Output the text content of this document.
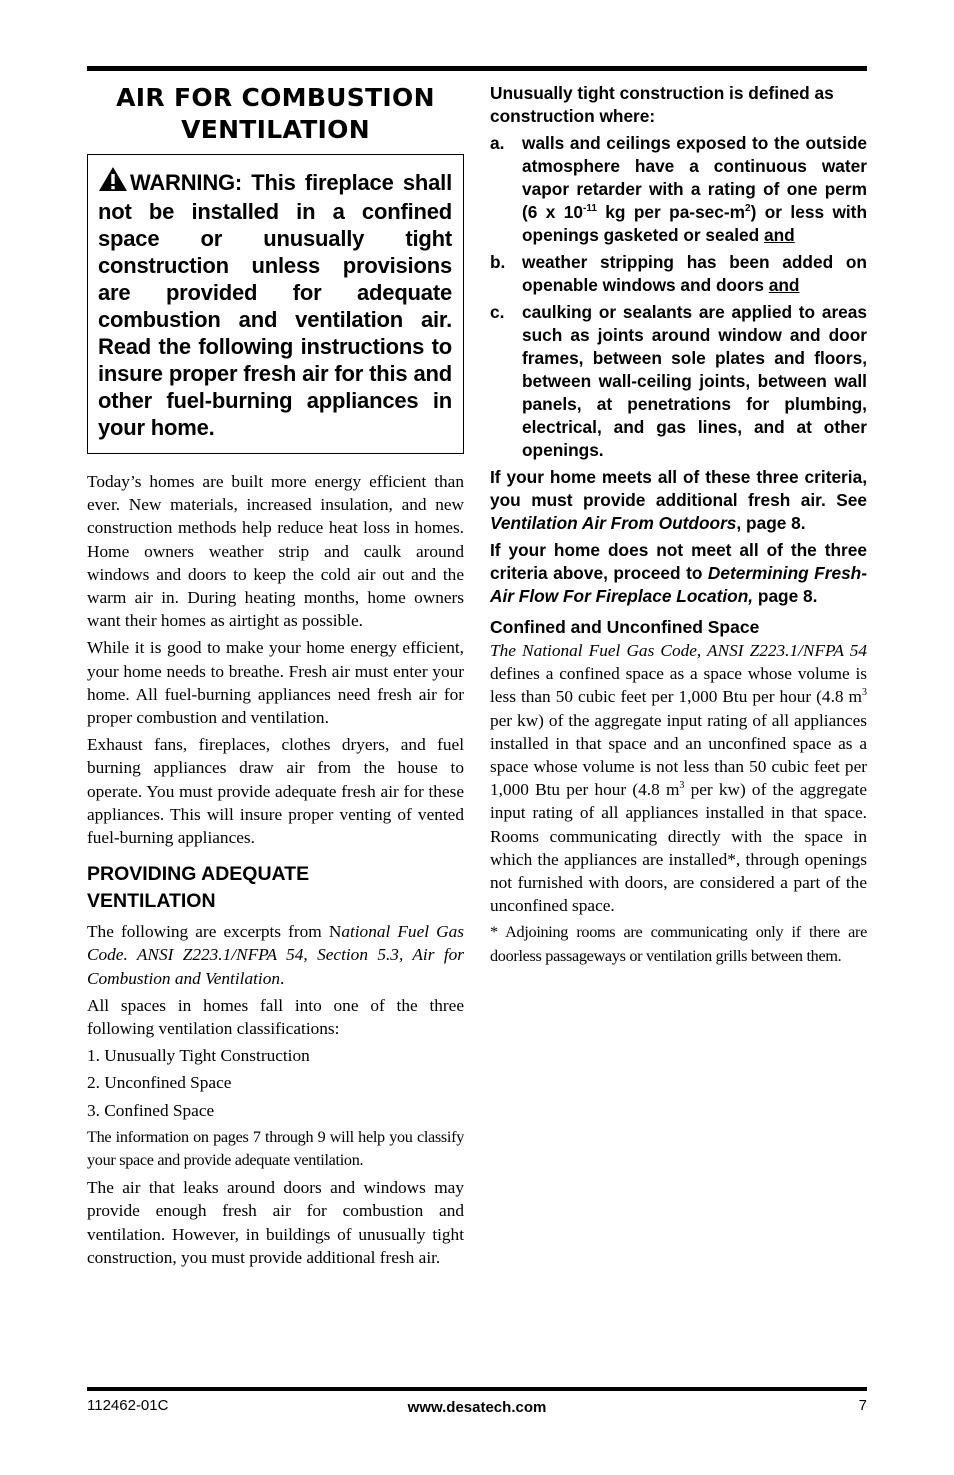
AIR FOR COMBUSTION
VENTILATION

WARNING: This fireplace shall not be installed in a confined space or unusually tight construction unless provisions are provided for adequate combustion and ventilation air. Read the following instructions to insure proper fresh air for this and other fuel-burning appliances in your home.

Today’s homes are built more energy efficient than ever. New materials, increased insulation, and new construction methods help reduce heat loss in homes. Home owners weather strip and caulk around windows and doors to keep the cold air out and the warm air in. During heating months, home owners want their homes as airtight as possible.

While it is good to make your home energy efficient, your home needs to breathe. Fresh air must enter your home. All fuel-burning appliances need fresh air for proper combustion and ventilation.

Exhaust fans, fireplaces, clothes dryers, and fuel burning appliances draw air from the house to operate. You must provide adequate fresh air for these appliances. This will insure proper venting of vented fuel-burning appliances.

PROVIDING ADEQUATE
VENTILATION

The following are excerpts from National Fuel Gas Code. ANSI Z223.1/NFPA 54, Section 5.3, Air for Combustion and Ventilation.

All spaces in homes fall into one of the three following ventilation classifications:

1. Unusually Tight Construction

2. Unconfined Space

3. Confined Space

The information on pages 7 through 9 will help you classify your space and provide adequate ventilation.

The air that leaks around doors and windows may provide enough fresh air for combustion and ventilation. However, in buildings of unusually tight construction, you must provide additional fresh air.

Unusually tight construction is defined as construction where:

a.	walls and ceilings exposed to the outside atmosphere have a continuous water vapor retarder with a rating of one perm (6 x $10^{-11}$ kg per $pa-\sec-m^2$) or less with openings gasketed or sealed and
b. weather stripping has been added on openable windows and doors and
c.	caulking or sealants are applied to areas such as joints around window and door frames, between sole plates and floors, between wall-ceiling joints, between wall panels, at penetrations for plumbing, electrical, and gas lines, and at other openings.

If your home meets all of these three criteria, you must provide additional fresh air. See Ventilation Air From Outdoors, page 8.

If your home does not meet all of the three criteria above, proceed to Determining Fresh-Air Flow For Fireplace Location, page 8.

Confined and Unconfined Space

The National Fuel Gas Code, ANSI Z223.1/NFPA 54 defines a confined space as a space whose volume is less than 50 cubic feet per 1,000 Btu per hour (4.8 $m^3$ per kw) of the aggregate input rating of all appliances installed in that space and an unconfined space as a space whose volume is not less than 50 cubic feet per 1,000 Btu per hour (4.8 $m^3$ per kw) of the aggregate input rating of all appliances installed in that space. Rooms communicating directly with the space in which the appliances are installed*, through openings not furnished with doors, are considered a part of the unconfined space.

* Adjoining rooms are communicating only if there are doorless passageways or ventilation grills between them.

112462-01C	www.desatech.com	7
